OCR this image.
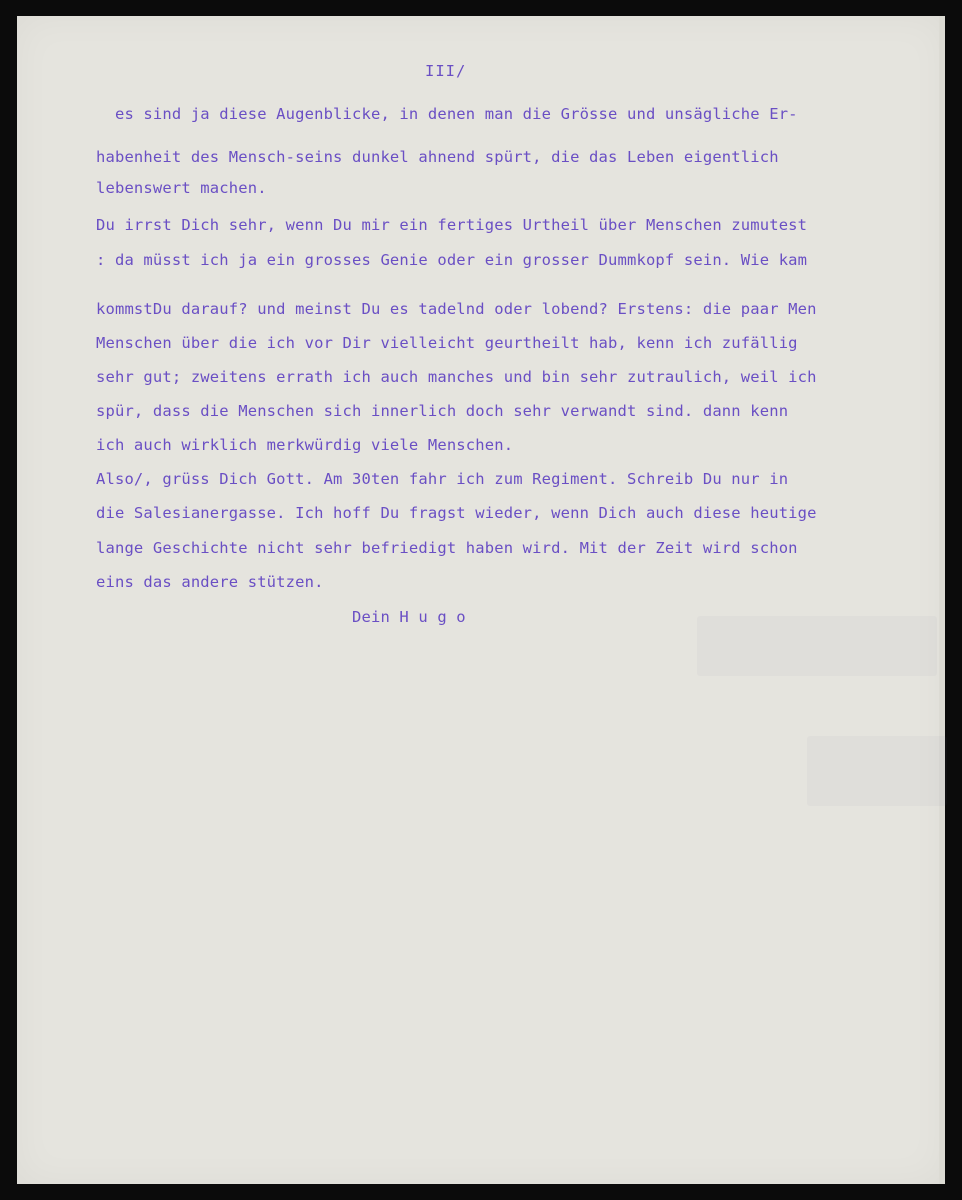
III/
es sind ja diese Augenblicke, in denen man die Grösse und unsägliche Er-
habenheit des Mensch-seins dunkel ahnend spürt, die das Leben eigentlich
lebenswert machen.
Du irrst Dich sehr, wenn Du mir ein fertiges Urtheil über Menschen zumutest
: da müsst ich ja ein grosses Genie oder ein grosser Dummkopf sein. Wie kam
kommstDu darauf? und meinst Du es tadelnd oder lobend? Erstens: die paar Men
Menschen über die ich vor Dir vielleicht geurtheilt hab, kenn ich zufällig
sehr gut; zweitens errath ich auch manches und bin sehr zutraulich, weil ich
spür, dass die Menschen sich innerlich doch sehr verwandt sind. dann kenn
ich auch wirklich merkwürdig viele Menschen.
Also/, grüss Dich Gott. Am 30ten fahr ich zum Regiment. Schreib Du nur in
die Salesianergasse. Ich hoff Du fragst wieder, wenn Dich auch diese heutige
lange Geschichte nicht sehr befriedigt haben wird. Mit der Zeit wird schon
eins das andere stützen.
Dein H u g o
